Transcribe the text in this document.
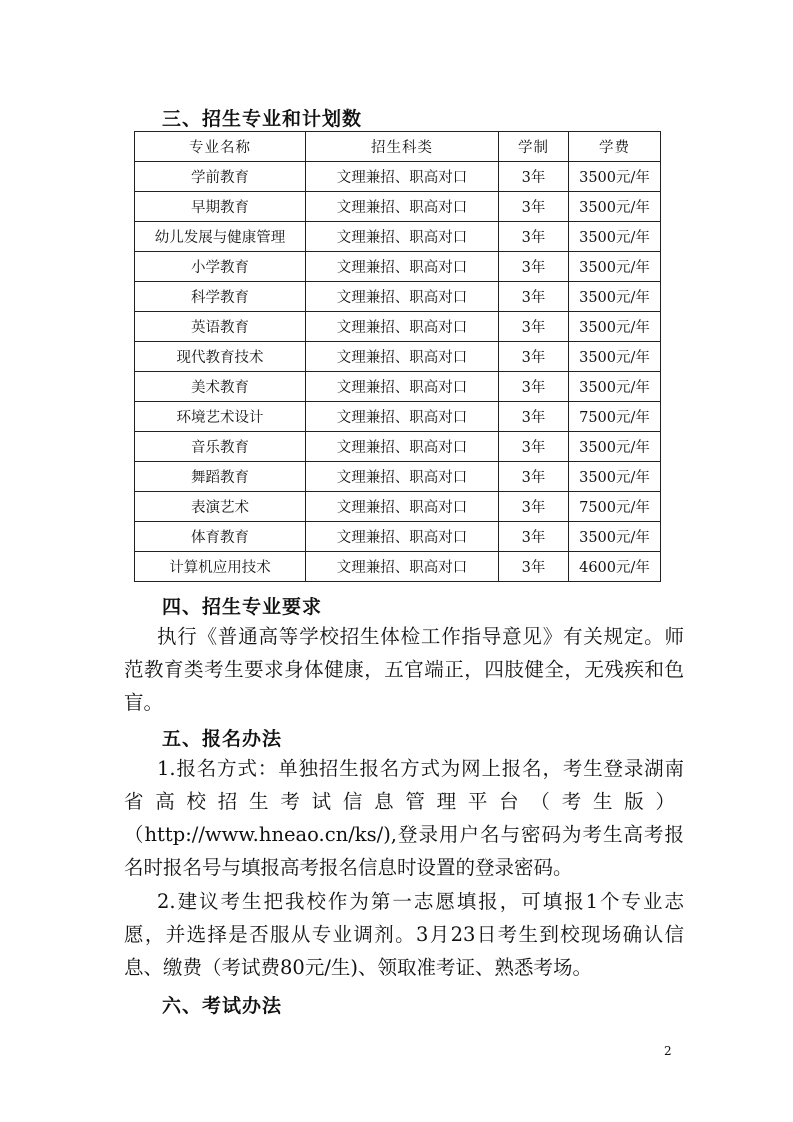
三、招生专业和计划数
专业名称	招生科类	学制	学费
学前教育	文理兼招、职高对口	3年	3500元/年
早期教育	文理兼招、职高对口	3年	3500元/年
幼儿发展与健康管理	文理兼招、职高对口	3年	3500元/年
小学教育	文理兼招、职高对口	3年	3500元/年
科学教育	文理兼招、职高对口	3年	3500元/年
英语教育	文理兼招、职高对口	3年	3500元/年
现代教育技术	文理兼招、职高对口	3年	3500元/年
美术教育	文理兼招、职高对口	3年	3500元/年
环境艺术设计	文理兼招、职高对口	3年	7500元/年
音乐教育	文理兼招、职高对口	3年	3500元/年
舞蹈教育	文理兼招、职高对口	3年	3500元/年
表演艺术	文理兼招、职高对口	3年	7500元/年
体育教育	文理兼招、职高对口	3年	3500元/年
计算机应用技术	文理兼招、职高对口	3年	4600元/年
四、招生专业要求
执行《普通高等学校招生体检工作指导意见》有关规定。师
范教育类考生要求身体健康，五官端正，四肢健全，无残疾和色
盲。
五、报名办法
1.报名方式：单独招生报名方式为网上报名，考生登录湖南
省高校招生考试信息管理平台（考生版）
（http://www.hneao.cn/ks/),登录用户名与密码为考生高考报
名时报名号与填报高考报名信息时设置的登录密码。
2.建议考生把我校作为第一志愿填报，可填报1个专业志
愿，并选择是否服从专业调剂。3月23日考生到校现场确认信
息、缴费（考试费80元/生)、领取准考证、熟悉考场。
六、考试办法
2
